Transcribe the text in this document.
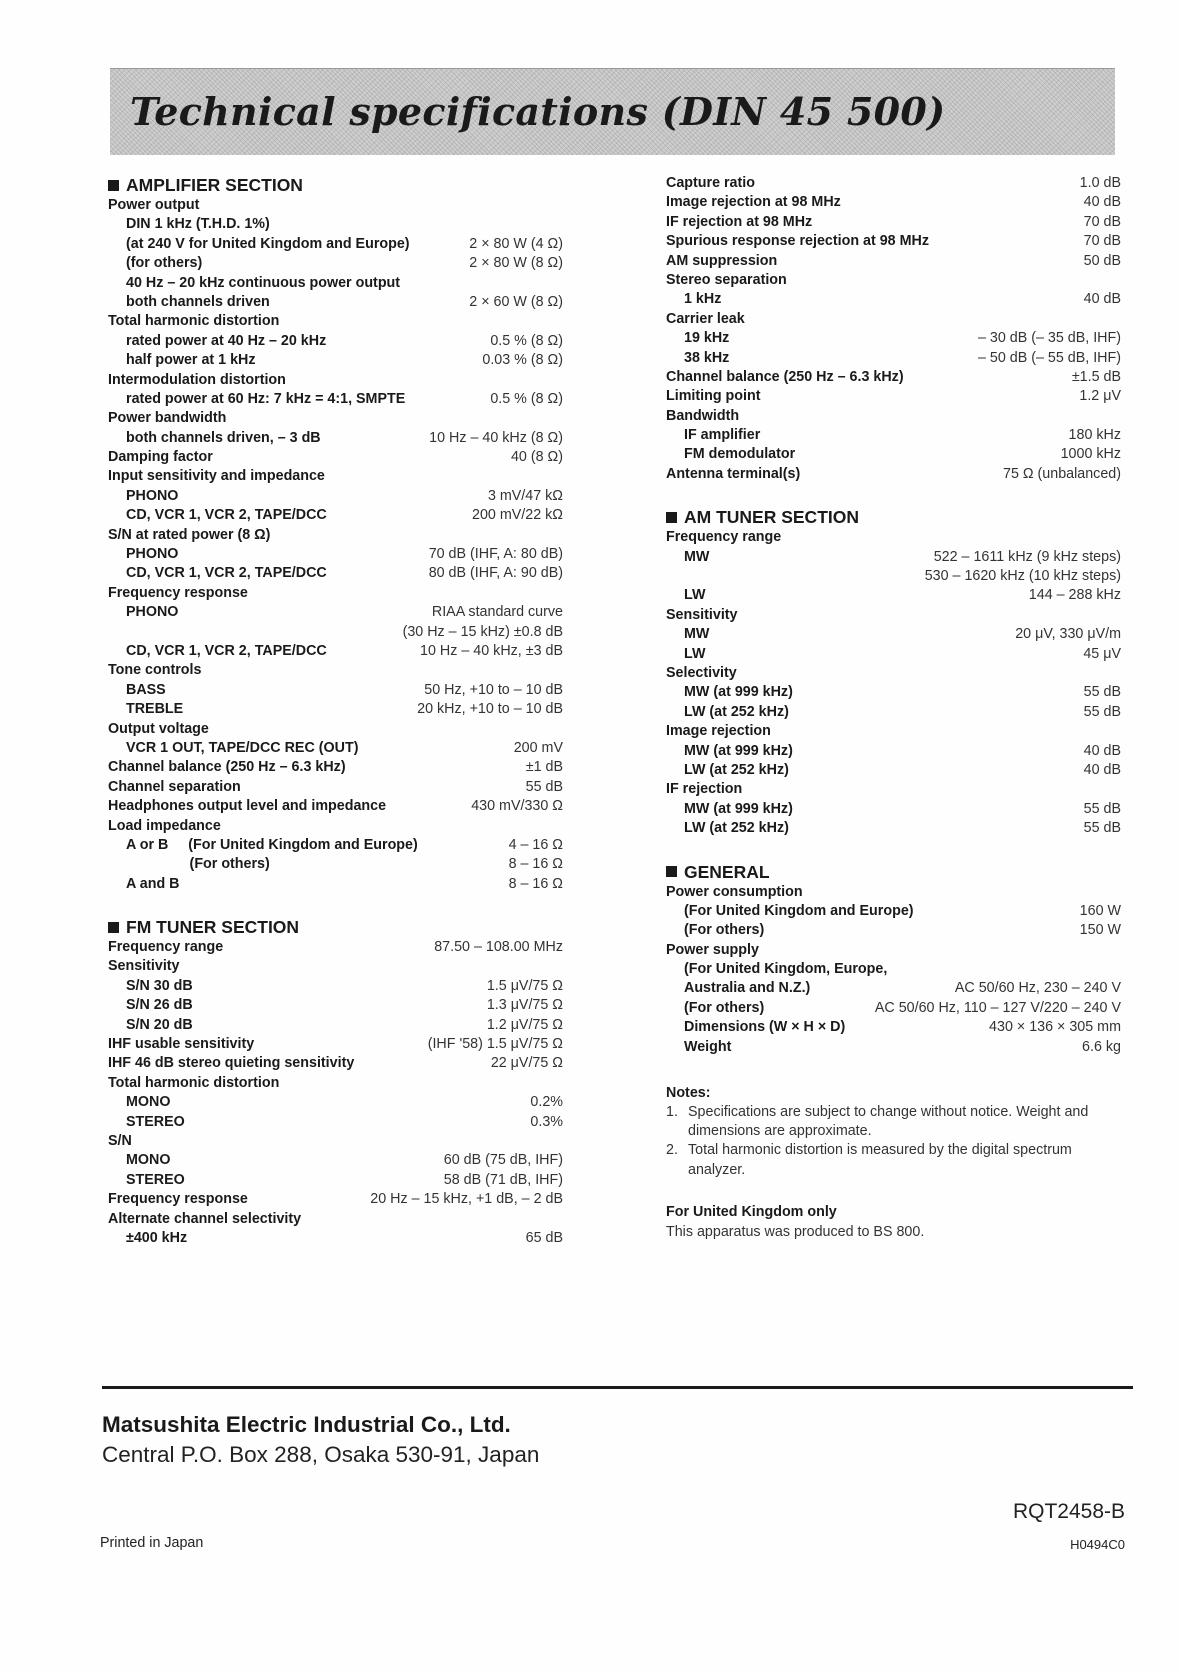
Technical specifications (DIN 45 500)
AMPLIFIER SECTION
Power output
DIN 1 kHz (T.H.D. 1%)
(at 240 V for United Kingdom and Europe)	2 × 80 W (4 Ω)
(for others)	2 × 80 W (8 Ω)
40 Hz – 20 kHz continuous power output
both channels driven	2 × 60 W (8 Ω)
Total harmonic distortion
rated power at 40 Hz – 20 kHz	0.5 % (8 Ω)
half power at 1 kHz	0.03 % (8 Ω)
Intermodulation distortion
rated power at 60 Hz: 7 kHz = 4:1, SMPTE	0.5 % (8 Ω)
Power bandwidth
both channels driven, – 3 dB	10 Hz – 40 kHz (8 Ω)
Damping factor	40 (8 Ω)
Input sensitivity and impedance
PHONO	3 mV/47 kΩ
CD, VCR 1, VCR 2, TAPE/DCC	200 mV/22 kΩ
S/N at rated power (8 Ω)
PHONO	70 dB (IHF, A: 80 dB)
CD, VCR 1, VCR 2, TAPE/DCC	80 dB (IHF, A: 90 dB)
Frequency response
PHONO	RIAA standard curve
(30 Hz – 15 kHz) ±0.8 dB
CD, VCR 1, VCR 2, TAPE/DCC	10 Hz – 40 kHz, ±3 dB
Tone controls
BASS	50 Hz, +10 to – 10 dB
TREBLE	20 kHz, +10 to – 10 dB
Output voltage
VCR 1 OUT, TAPE/DCC REC (OUT)	200 mV
Channel balance (250 Hz – 6.3 kHz)	±1 dB
Channel separation	55 dB
Headphones output level and impedance	430 mV/330 Ω
Load impedance
A or B     (For United Kingdom and Europe)	4 – 16 Ω
(For others)	8 – 16 Ω
A and B	8 – 16 Ω
FM TUNER SECTION
Frequency range	87.50 – 108.00 MHz
Sensitivity
S/N 30 dB	1.5 μV/75 Ω
S/N 26 dB	1.3 μV/75 Ω
S/N 20 dB	1.2 μV/75 Ω
IHF usable sensitivity	(IHF '58) 1.5 μV/75 Ω
IHF 46 dB stereo quieting sensitivity	22 μV/75 Ω
Total harmonic distortion
MONO	0.2%
STEREO	0.3%
S/N
MONO	60 dB (75 dB, IHF)
STEREO	58 dB (71 dB, IHF)
Frequency response	20 Hz – 15 kHz, +1 dB, – 2 dB
Alternate channel selectivity
±400 kHz	65 dB
Capture ratio	1.0 dB
Image rejection at 98 MHz	40 dB
IF rejection at 98 MHz	70 dB
Spurious response rejection at 98 MHz	70 dB
AM suppression	50 dB
Stereo separation
1 kHz	40 dB
Carrier leak
19 kHz	– 30 dB (– 35 dB, IHF)
38 kHz	– 50 dB (– 55 dB, IHF)
Channel balance (250 Hz – 6.3 kHz)	±1.5 dB
Limiting point	1.2 μV
Bandwidth
IF amplifier	180 kHz
FM demodulator	1000 kHz
Antenna terminal(s)	75 Ω (unbalanced)
AM TUNER SECTION
Frequency range
MW	522 – 1611 kHz (9 kHz steps)
530 – 1620 kHz (10 kHz steps)
LW	144 – 288 kHz
Sensitivity
MW	20 μV, 330 μV/m
LW	45 μV
Selectivity
MW (at 999 kHz)	55 dB
LW (at 252 kHz)	55 dB
Image rejection
MW (at 999 kHz)	40 dB
LW (at 252 kHz)	40 dB
IF rejection
MW (at 999 kHz)	55 dB
LW (at 252 kHz)	55 dB
GENERAL
Power consumption
(For United Kingdom and Europe)	160 W
(For others)	150 W
Power supply
(For United Kingdom, Europe,
Australia and N.Z.)	AC 50/60 Hz, 230 – 240 V
(For others)	AC 50/60 Hz, 110 – 127 V/220 – 240 V
Dimensions (W × H × D)	430 × 136 × 305 mm
Weight	6.6 kg
Notes:
1. Specifications are subject to change without notice. Weight and dimensions are approximate.
2. Total harmonic distortion is measured by the digital spectrum analyzer.
For United Kingdom only
This apparatus was produced to BS 800.
Matsushita Electric Industrial Co., Ltd.
Central P.O. Box 288, Osaka 530-91, Japan
Printed in Japan
RQT2458-B
H0494C0
